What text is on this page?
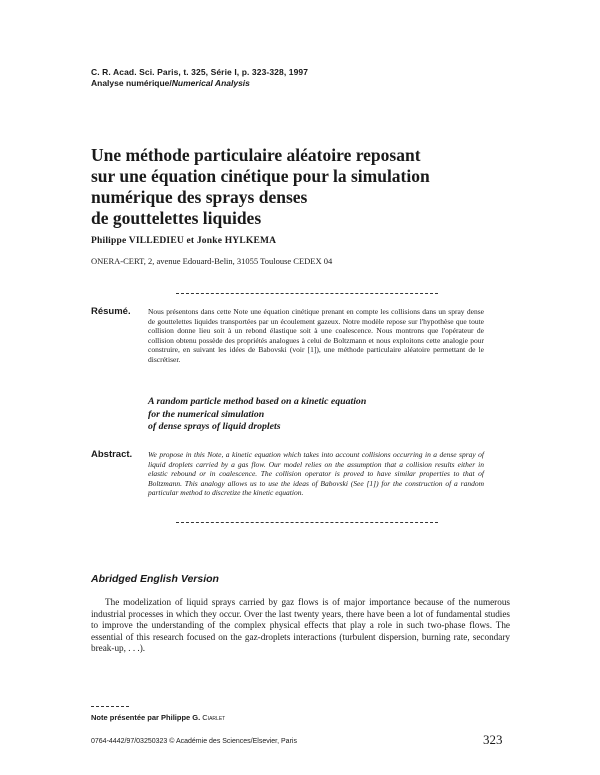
C. R. Acad. Sci. Paris, t. 325, Série I, p. 323-328, 1997
Analyse numérique/Numerical Analysis
Une méthode particulaire aléatoire reposant
sur une équation cinétique pour la simulation
numérique des sprays denses
de gouttelettes liquides
Philippe VILLEDIEU et Jonke HYLKEMA
ONERA-CERT, 2, avenue Edouard-Belin, 31055 Toulouse CEDEX 04
Résumé. Nous présentons dans cette Note une équation cinétique prenant en compte les collisions dans un spray dense de gouttelettes liquides transportées par un écoulement gazeux. Notre modèle repose sur l'hypothèse que toute collision donne lieu soit à un rebond élastique soit à une coalescence. Nous montrons que l'opérateur de collision obtenu possède des propriétés analogues à celui de Boltzmann et nous exploitons cette analogie pour construire, en suivant les idées de Babovski (voir [1]), une méthode particulaire aléatoire permettant de le discrétiser.
A random particle method based on a kinetic equation
for the numerical simulation
of dense sprays of liquid droplets
Abstract. We propose in this Note, a kinetic equation which takes into account collisions occurring in a dense spray of liquid droplets carried by a gas flow. Our model relies on the assumption that a collision results either in elastic rebound or in coalescence. The collision operator is proved to have similar properties to that of Boltzmann. This analogy allows us to use the ideas of Babovski (See [1]) for the construction of a random particular method to discretize the kinetic equation.
Abridged English Version

The modelization of liquid sprays carried by gaz flows is of major importance because of the numerous industrial processes in which they occur. Over the last twenty years, there have been a lot of fundamental studies to improve the understanding of the complex physical effects that play a role in such two-phase flows. The essential of this research focused on the gaz-droplets interactions (turbulent dispersion, burning rate, secondary break-up, . . .).

Note présentée par Philippe G. Ciarlet
0764-4442/97/03250323 © Académie des Sciences/Elsevier, Paris	323
